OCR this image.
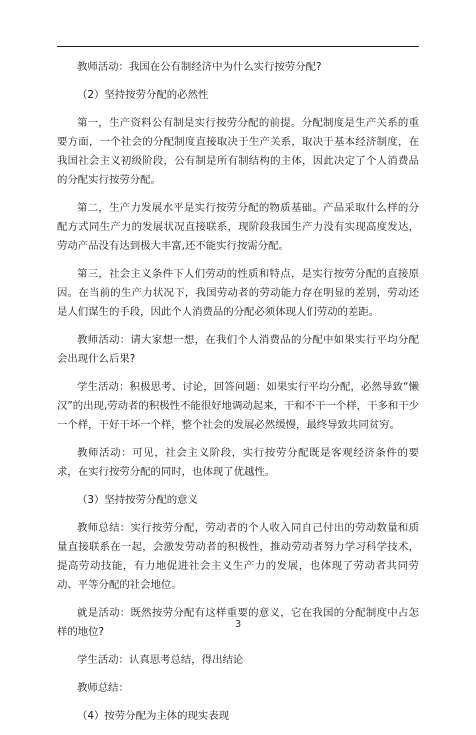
教师活动：我国在公有制经济中为什么实行按劳分配?

（2）坚持按劳分配的必然性

第一，生产资料公有制是实行按劳分配的前提。分配制度是生产关系的重要方面，一个社会的分配制度直接取决于生产关系，取决于基本经济制度，在我国社会主义初级阶段，公有制是所有制结构的主体，因此决定了个人消费品的分配实行按劳分配。

第二，生产力发展水平是实行按劳分配的物质基础。产品采取什么样的分配方式同生产力的发展状况直接联系，现阶段我国生产力没有实现高度发达，劳动产品没有达到极大丰富,还不能实行按需分配。

第三，社会主义条件下人们劳动的性质和特点，是实行按劳分配的直接原因。在当前的生产力状况下，我国劳动者的劳动能力存在明显的差别，劳动还是人们谋生的手段，因此个人消费品的分配必须体现人们劳动的差距。

教师活动：请大家想一想，在我们个人消费品的分配中如果实行平均分配会出现什么后果?

学生活动：积极思考、讨论，回答问题：如果实行平均分配，必然导致“懒汉”的出现,劳动者的积极性不能很好地调动起来，干和不干一个样，干多和干少一个样，干好干坏一个样，整个社会的发展必然缓慢，最终导致共同贫穷。

教师活动：可见，社会主义阶段，实行按劳分配既是客观经济条件的要求，在实行按劳分配的同时，也体现了优越性。

（3）坚持按劳分配的意义

教师总结：实行按劳分配，劳动者的个人收入同自己付出的劳动数量和质量直接联系在一起，会激发劳动者的积极性，推动劳动者努力学习科学技术，提高劳动技能，有力地促进社会主义生产力的发展，也体现了劳动者共同劳动、平等分配的社会地位。

就是活动：既然按劳分配有这样重要的意义，它在我国的分配制度中占怎样的地位?

学生活动：认真思考总结，得出结论

教师总结：

（4）按劳分配为主体的现实表现

3
